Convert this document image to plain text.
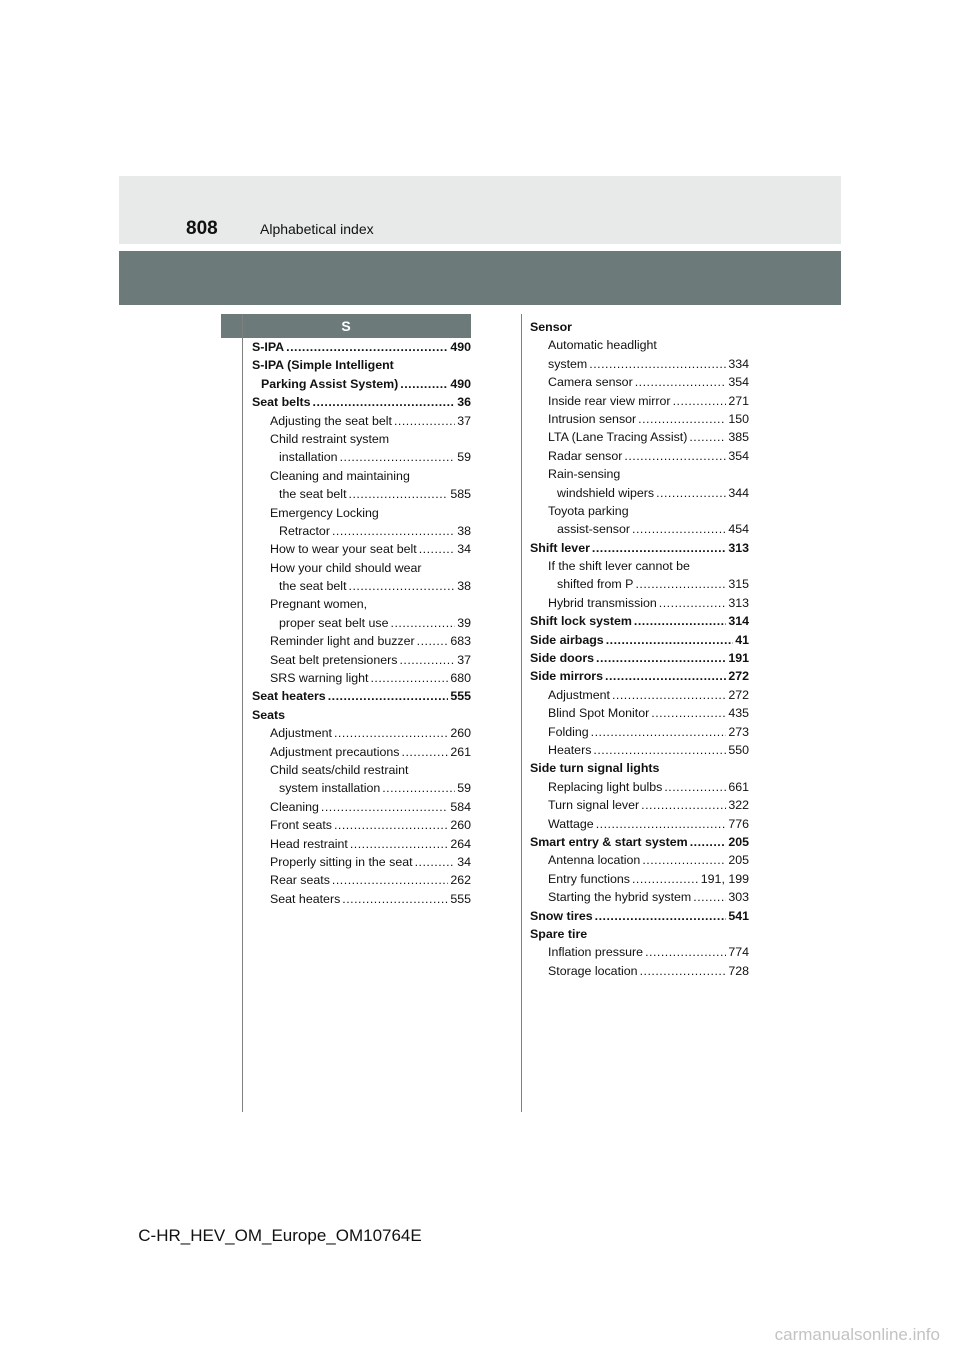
808	Alphabetical index
S
S-IPA .....	490
S-IPA (Simple Intelligent
Parking Assist System) .....	490
Seat belts .....	36
Adjusting the seat belt .....	37
Child restraint system
installation .....	59
Cleaning and maintaining
the seat belt .....	585
Emergency Locking
Retractor .....	38
How to wear your seat belt .....	34
How your child should wear
the seat belt .....	38
Pregnant women,
proper seat belt use .....	39
Reminder light and buzzer .....	683
Seat belt pretensioners .....	37
SRS warning light .....	680
Seat heaters .....	555
Seats
Adjustment .....	260
Adjustment precautions .....	261
Child seats/child restraint
system installation .....	59
Cleaning .....	584
Front seats .....	260
Head restraint .....	264
Properly sitting in the seat .....	34
Rear seats .....	262
Seat heaters .....	555
Sensor
Automatic headlight
system .....	334
Camera sensor .....	354
Inside rear view mirror .....	271
Intrusion sensor .....	150
LTA (Lane Tracing Assist) .....	385
Radar sensor .....	354
Rain-sensing
windshield wipers .....	344
Toyota parking
assist-sensor .....	454
Shift lever .....	313
If the shift lever cannot be
shifted from P .....	315
Hybrid transmission .....	313
Shift lock system .....	314
Side airbags .....	41
Side doors .....	191
Side mirrors .....	272
Adjustment .....	272
Blind Spot Monitor .....	435
Folding .....	273
Heaters .....	550
Side turn signal lights
Replacing light bulbs .....	661
Turn signal lever .....	322
Wattage .....	776
Smart entry & start system .....	205
Antenna location .....	205
Entry functions .....	191, 199
Starting the hybrid system .....	303
Snow tires .....	541
Spare tire
Inflation pressure .....	774
Storage location .....	728
C-HR_HEV_OM_Europe_OM10764E
carmanualsonline.info
